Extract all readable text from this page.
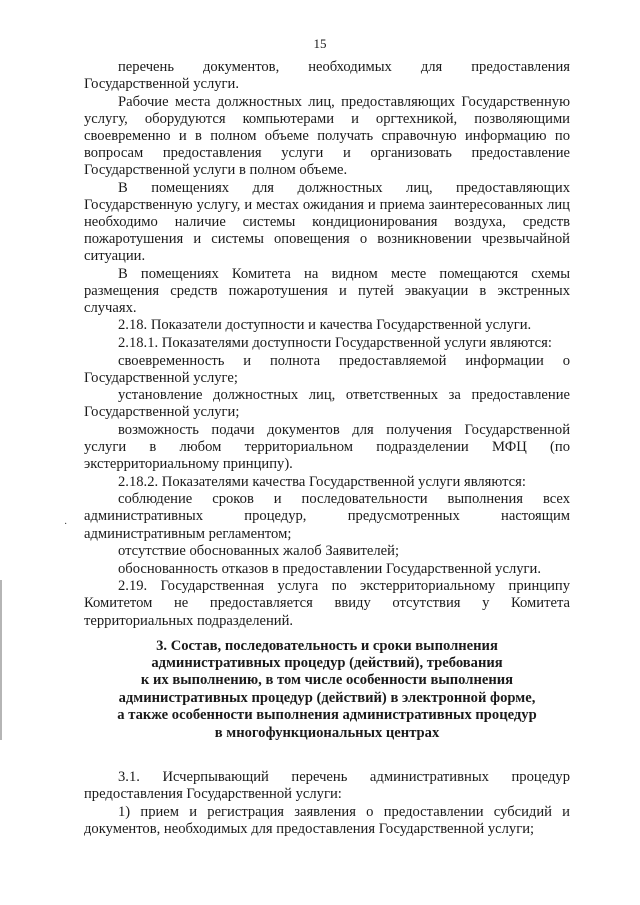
15
·

перечень документов, необходимых для предоставления Государственной услуги.

Рабочие места должностных лиц, предоставляющих Государственную услугу, оборудуются компьютерами и оргтехникой, позволяющими своевременно и в полном объеме получать справочную информацию по вопросам предоставления услуги и организовать предоставление Государственной услуги в полном объеме.

В помещениях для должностных лиц, предоставляющих Государственную услугу, и местах ожидания и приема заинтересованных лиц необходимо наличие системы кондиционирования воздуха, средств пожаротушения и системы оповещения о возникновении чрезвычайной ситуации.

В помещениях Комитета на видном месте помещаются схемы размещения средств пожаротушения и путей эвакуации в экстренных случаях.

2.18. Показатели доступности и качества Государственной услуги.

2.18.1. Показателями доступности Государственной услуги являются:

своевременность и полнота предоставляемой информации о Государственной услуге;

установление должностных лиц, ответственных за предоставление Государственной услуги;

возможность подачи документов для получения Государственной услуги в любом территориальном подразделении МФЦ (по экстерриториальному принципу).

2.18.2. Показателями качества Государственной услуги являются:

соблюдение сроков и последовательности выполнения всех административных процедур, предусмотренных настоящим административным регламентом;

отсутствие обоснованных жалоб Заявителей;

обоснованность отказов в предоставлении Государственной услуги.

2.19. Государственная услуга по экстерриториальному принципу Комитетом не предоставляется ввиду отсутствия у Комитета территориальных подразделений.

3. Состав, последовательность и сроки выполнения
административных процедур (действий), требования
к их выполнению, в том числе особенности выполнения
административных процедур (действий) в электронной форме,
а также особенности выполнения административных процедур
в многофункциональных центрах

3.1. Исчерпывающий перечень административных процедур предоставления Государственной услуги:

1) прием и регистрация заявления о предоставлении субсидий и документов, необходимых для предоставления Государственной услуги;
